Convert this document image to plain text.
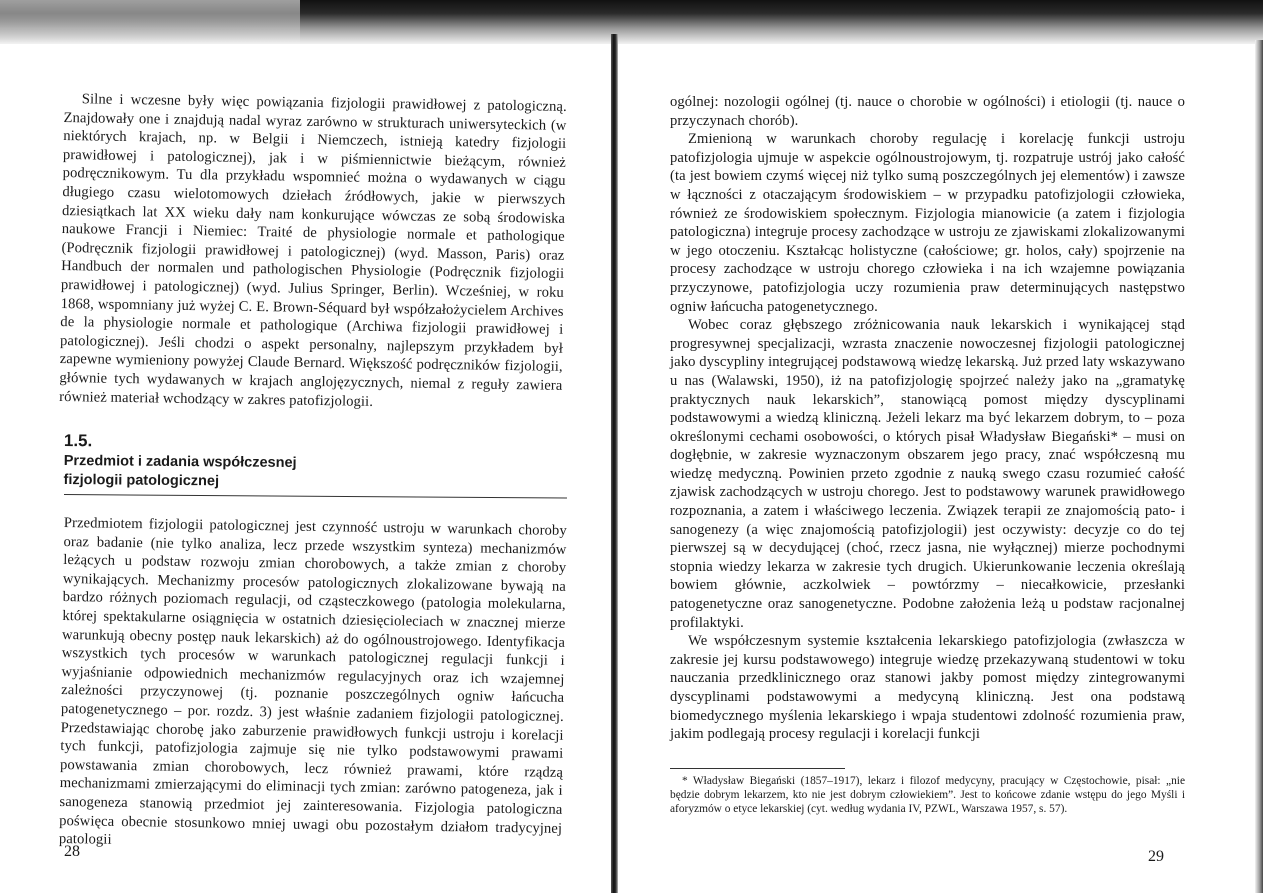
Silne i wczesne były więc powiązania fizjologii prawidłowej z patologiczną. Znajdowały one i znajdują nadal wyraz zarówno w strukturach uniwersyteckich (w niektórych krajach, np. w Belgii i Niemczech, istnieją katedry fizjologii prawidłowej i patologicznej), jak i w piśmiennictwie bieżącym, również podręcznikowym. Tu dla przykładu wspomnieć można o wydawanych w ciągu długiego czasu wielotomowych dziełach źródłowych, jakie w pierwszych dziesiątkach lat XX wieku dały nam konkurujące wówczas ze sobą środowiska naukowe Francji i Niemiec: Traité de physiologie normale et pathologique (Podręcznik fizjologii prawidłowej i patologicznej) (wyd. Masson, Paris) oraz Handbuch der normalen und pathologischen Physiologie (Podręcznik fizjologii prawidłowej i patologicznej) (wyd. Julius Springer, Berlin). Wcześniej, w roku 1868, wspomniany już wyżej C. E. Brown-Séquard był współzałożycielem Archives de la physiologie normale et pathologique (Archiwa fizjologii prawidłowej i patologicznej). Jeśli chodzi o aspekt personalny, najlepszym przykładem był zapewne wymieniony powyżej Claude Bernard. Większość podręczników fizjologii, głównie tych wydawanych w krajach anglojęzycznych, niemal z reguły zawiera również materiał wchodzący w zakres patofizjologii.

1.5.
Przedmiot i zadania współczesnej
fizjologii patologicznej

Przedmiotem fizjologii patologicznej jest czynność ustroju w warunkach choroby oraz badanie (nie tylko analiza, lecz przede wszystkim synteza) mechanizmów leżących u podstaw rozwoju zmian chorobowych, a także zmian z choroby wynikających. Mechanizmy procesów patologicznych zlokalizowane bywają na bardzo różnych poziomach regulacji, od cząsteczkowego (patologia molekularna, której spektakularne osiągnięcia w ostatnich dziesięcioleciach w znacznej mierze warunkują obecny postęp nauk lekarskich) aż do ogólnoustrojowego. Identyfikacja wszystkich tych procesów w warunkach patologicznej regulacji funkcji i wyjaśnianie odpowiednich mechanizmów regulacyjnych oraz ich wzajemnej zależności przyczynowej (tj. poznanie poszczególnych ogniw łańcucha patogenetycznego – por. rozdz. 3) jest właśnie zadaniem fizjologii patologicznej. Przedstawiając chorobę jako zaburzenie prawidłowych funkcji ustroju i korelacji tych funkcji, patofizjologia zajmuje się nie tylko podstawowymi prawami powstawania zmian chorobowych, lecz również prawami, które rządzą mechanizmami zmierzającymi do eliminacji tych zmian: zarówno patogeneza, jak i sanogeneza stanowią przedmiot jej zainteresowania. Fizjologia patologiczna poświęca obecnie stosunkowo mniej uwagi obu pozostałym działom tradycyjnej patologii

28

ogólnej: nozologii ogólnej (tj. nauce o chorobie w ogólności) i etiologii (tj. nauce o przyczynach chorób).

Zmienioną w warunkach choroby regulację i korelację funkcji ustroju patofizjologia ujmuje w aspekcie ogólnoustrojowym, tj. rozpatruje ustrój jako całość (ta jest bowiem czymś więcej niż tylko sumą poszczególnych jej elementów) i zawsze w łączności z otaczającym środowiskiem – w przypadku patofizjologii człowieka, również ze środowiskiem społecznym. Fizjologia mianowicie (a zatem i fizjologia patologiczna) integruje procesy zachodzące w ustroju ze zjawiskami zlokalizowanymi w jego otoczeniu. Kształcąc holistyczne (całościowe; gr. holos, cały) spojrzenie na procesy zachodzące w ustroju chorego człowieka i na ich wzajemne powiązania przyczynowe, patofizjologia uczy rozumienia praw determinujących następstwo ogniw łańcucha patogenetycznego.

Wobec coraz głębszego zróżnicowania nauk lekarskich i wynikającej stąd progresywnej specjalizacji, wzrasta znaczenie nowoczesnej fizjologii patologicznej jako dyscypliny integrującej podstawową wiedzę lekarską. Już przed laty wskazywano u nas (Walawski, 1950), iż na patofizjologię spojrzeć należy jako na „gramatykę praktycznych nauk lekarskich”, stanowiącą pomost między dyscyplinami podstawowymi a wiedzą kliniczną. Jeżeli lekarz ma być lekarzem dobrym, to – poza określonymi cechami osobowości, o których pisał Władysław Biegański* – musi on dogłębnie, w zakresie wyznaczonym obszarem jego pracy, znać współczesną mu wiedzę medyczną. Powinien przeto zgodnie z nauką swego czasu rozumieć całość zjawisk zachodzących w ustroju chorego. Jest to podstawowy warunek prawidłowego rozpoznania, a zatem i właściwego leczenia. Związek terapii ze znajomością pato- i sanogenezy (a więc znajomością patofizjologii) jest oczywisty: decyzje co do tej pierwszej są w decydującej (choć, rzecz jasna, nie wyłącznej) mierze pochodnymi stopnia wiedzy lekarza w zakresie tych drugich. Ukierunkowanie leczenia określają bowiem głównie, aczkolwiek – powtórzmy – niecałkowicie, przesłanki patogenetyczne oraz sanogenetyczne. Podobne założenia leżą u podstaw racjonalnej profilaktyki.

We współczesnym systemie kształcenia lekarskiego patofizjologia (zwłaszcza w zakresie jej kursu podstawowego) integruje wiedzę przekazywaną studentowi w toku nauczania przedklinicznego oraz stanowi jakby pomost między zintegrowanymi dyscyplinami podstawowymi a medycyną kliniczną. Jest ona podstawą biomedycznego myślenia lekarskiego i wpaja studentowi zdolność rozumienia praw, jakim podlegają procesy regulacji i korelacji funkcji

* Władysław Biegański (1857–1917), lekarz i filozof medycyny, pracujący w Częstochowie, pisał: „nie będzie dobrym lekarzem, kto nie jest dobrym człowiekiem”. Jest to końcowe zdanie wstępu do jego Myśli i aforyzmów o etyce lekarskiej (cyt. według wydania IV, PZWL, Warszawa 1957, s. 57).

29
